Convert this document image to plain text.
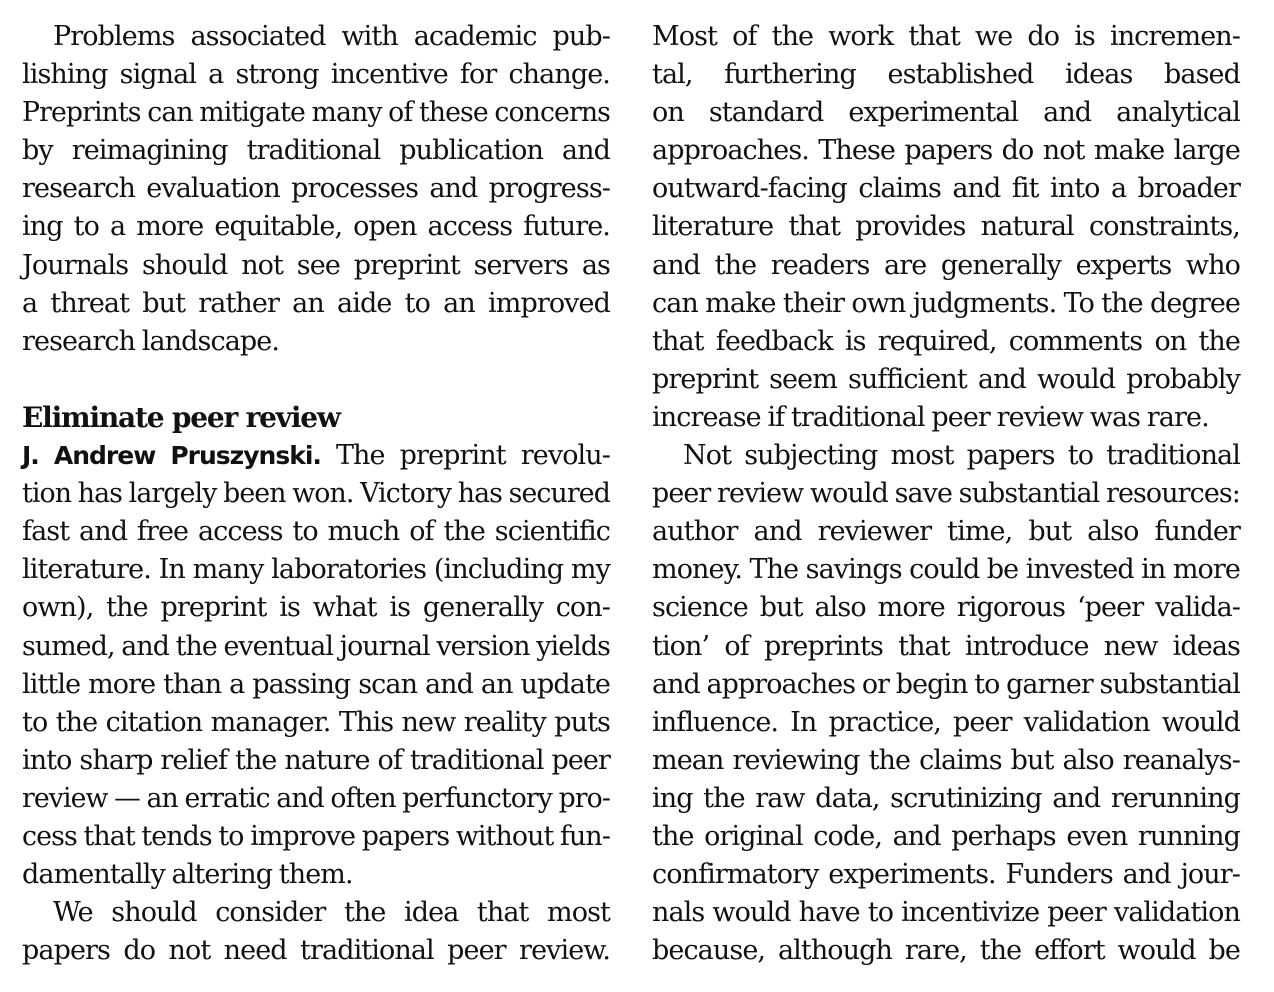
Problems associated with academic pub-
lishing signal a strong incentive for change.
Preprints can mitigate many of these concerns
by reimagining traditional publication and
research evaluation processes and progress-
ing to a more equitable, open access future.
Journals should not see preprint servers as
a threat but rather an aide to an improved
research landscape.
Eliminate peer review
J. Andrew Pruszynski. The preprint revolu-
tion has largely been won. Victory has secured
fast and free access to much of the scientific
literature. In many laboratories (including my
own), the preprint is what is generally con-
sumed, and the eventual journal version yields
little more than a passing scan and an update
to the citation manager. This new reality puts
into sharp relief the nature of traditional peer
review — an erratic and often perfunctory pro-
cess that tends to improve papers without fun-
damentally altering them.
We should consider the idea that most
papers do not need traditional peer review.
Most of the work that we do is incremen-
tal, furthering established ideas based
on standard experimental and analytical
approaches. These papers do not make large
outward-facing claims and fit into a broader
literature that provides natural constraints,
and the readers are generally experts who
can make their own judgments. To the degree
that feedback is required, comments on the
preprint seem sufficient and would probably
increase if traditional peer review was rare.
Not subjecting most papers to traditional
peer review would save substantial resources:
author and reviewer time, but also funder
money. The savings could be invested in more
science but also more rigorous ‘peer valida-
tion’ of preprints that introduce new ideas
and approaches or begin to garner substantial
influence. In practice, peer validation would
mean reviewing the claims but also reanalys-
ing the raw data, scrutinizing and rerunning
the original code, and perhaps even running
confirmatory experiments. Funders and jour-
nals would have to incentivize peer validation
because, although rare, the effort would be
